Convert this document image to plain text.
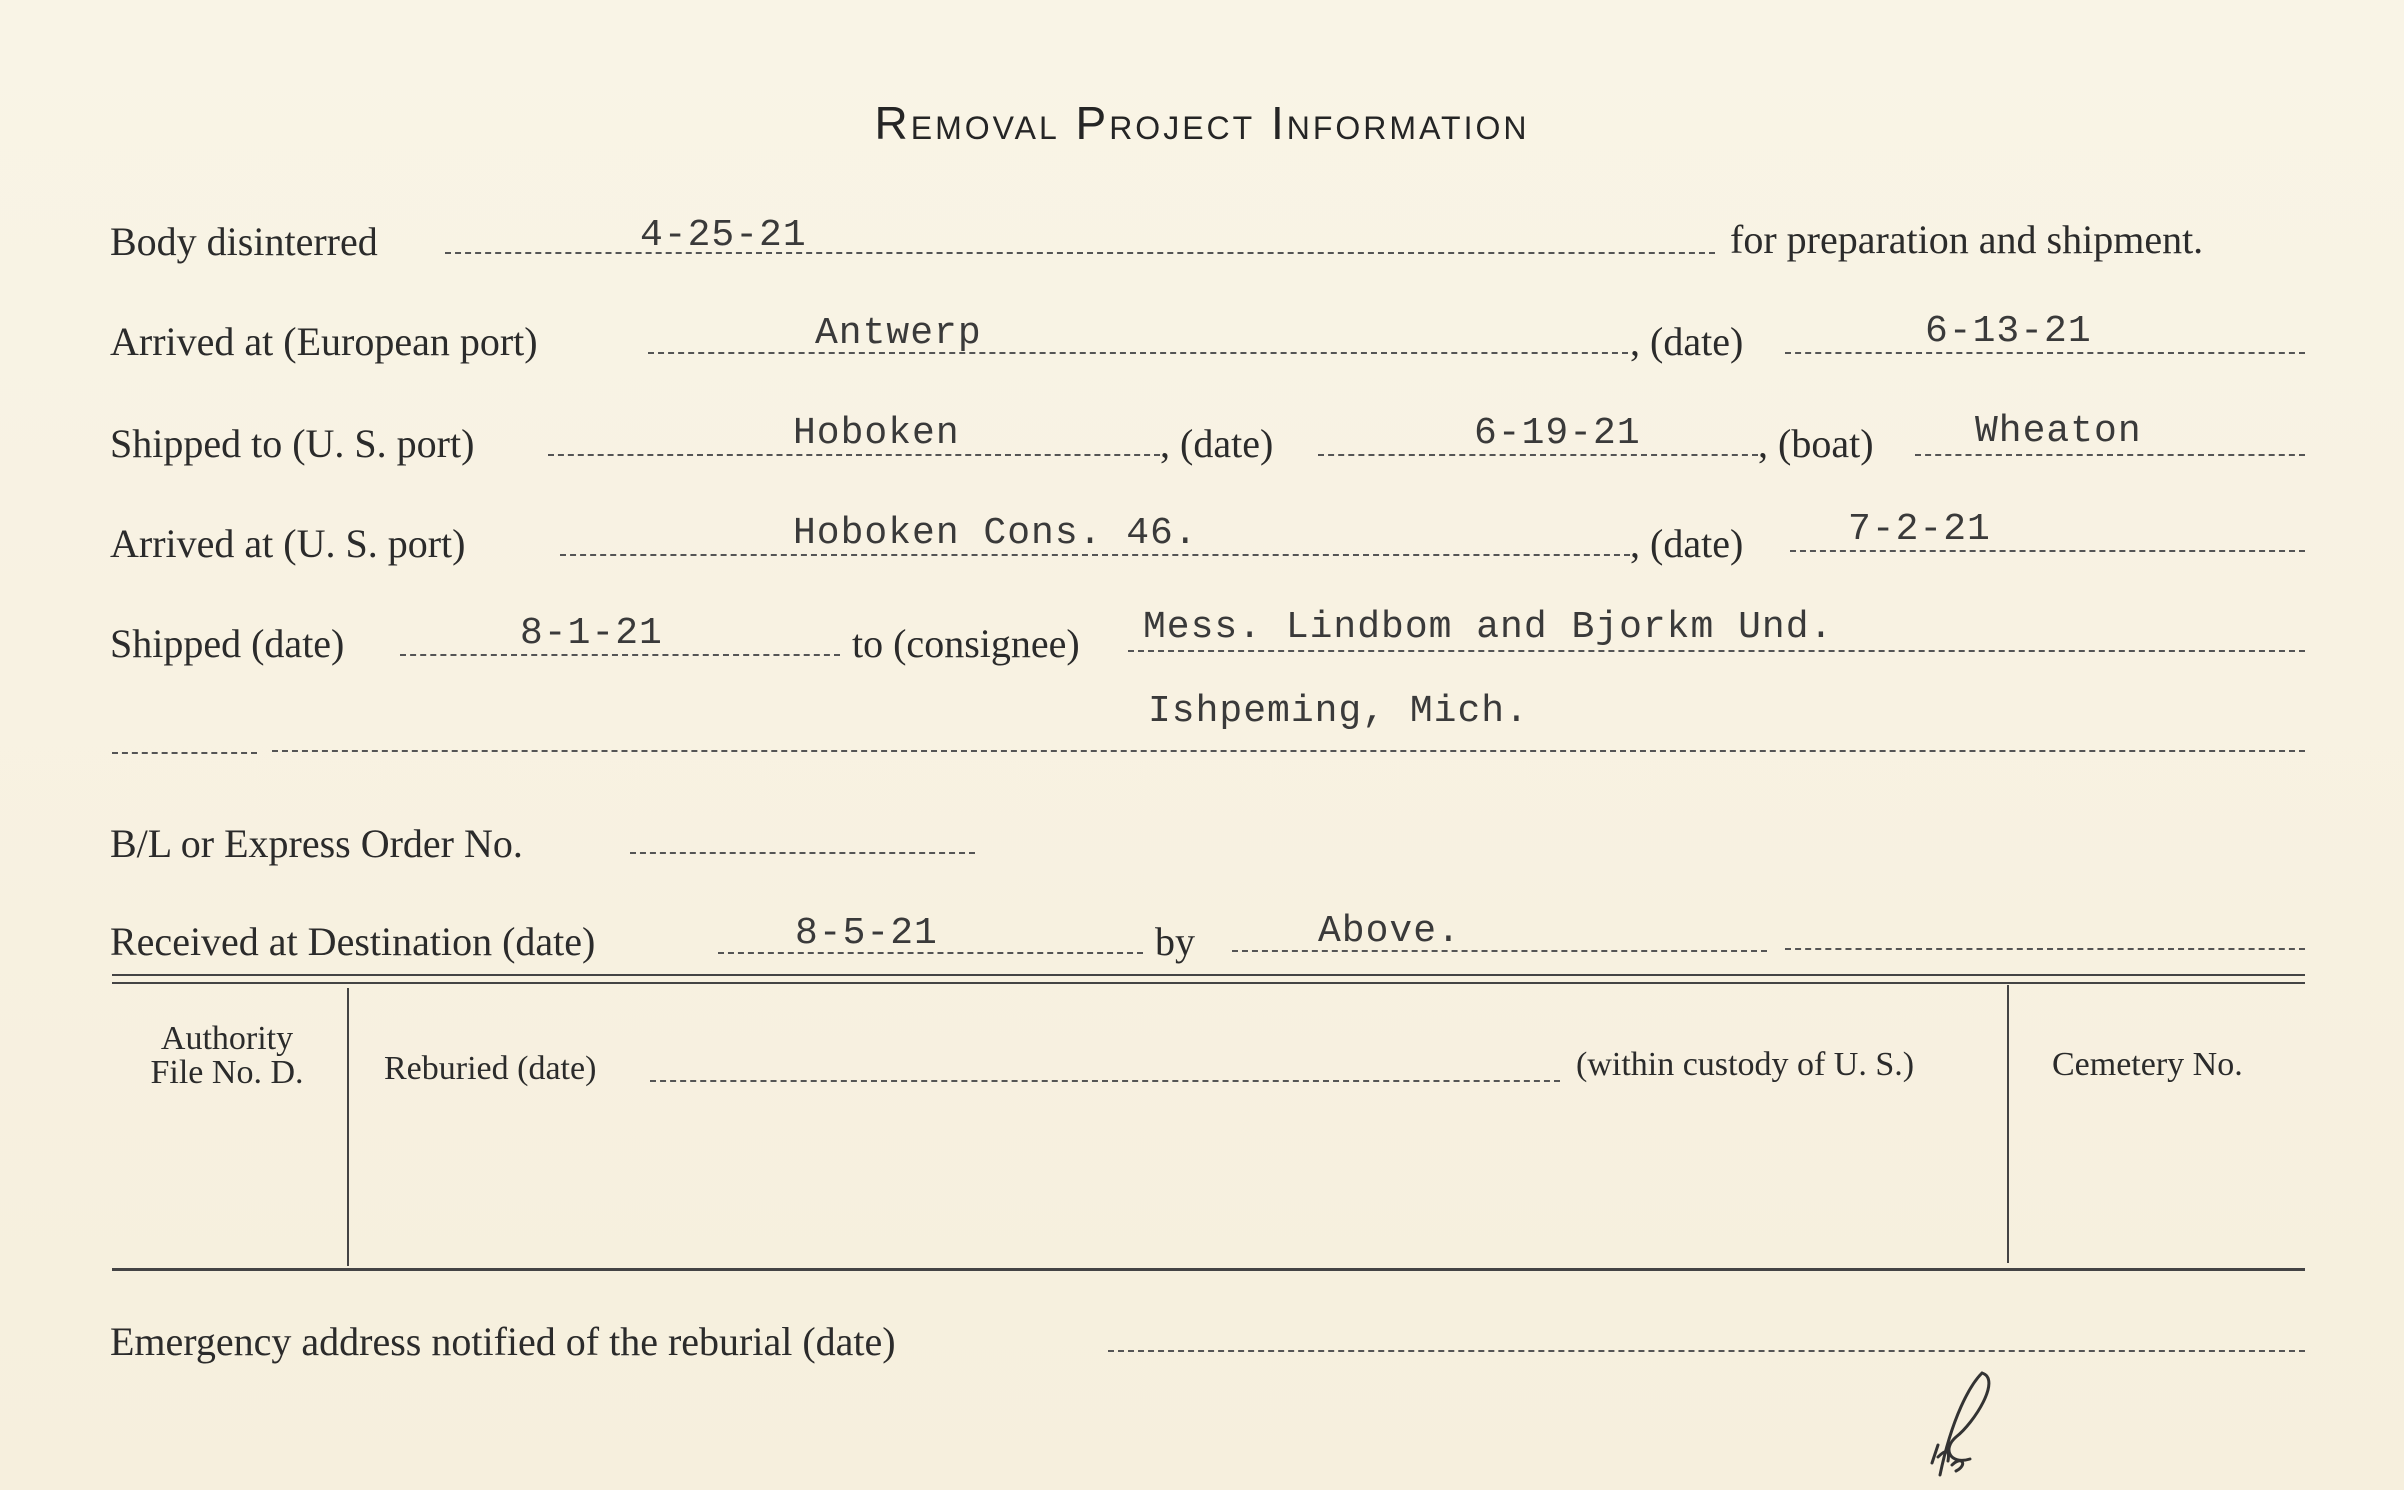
Removal Project Information
Body disinterred	4-25-21	for preparation and shipment.
Arrived at (European port)	Antwerp	, (date)	6-13-21
Shipped to (U. S. port)	Hoboken	, (date)	6-19-21	, (boat)	Wheaton
Arrived at (U. S. port)	Hoboken Cons. 46.	, (date)	7-2-21
Shipped (date)	8-1-21	to (consignee) Mess. Lindbom and Bjorkm Und.
Ishpeming, Mich.
B/L or Express Order No.
Received at Destination (date)	8-5-21	by	Above.
Authority
File No. D.	Reburied (date)	(within custody of U. S.)	Cemetery No.
Emergency address notified of the reburial (date)
